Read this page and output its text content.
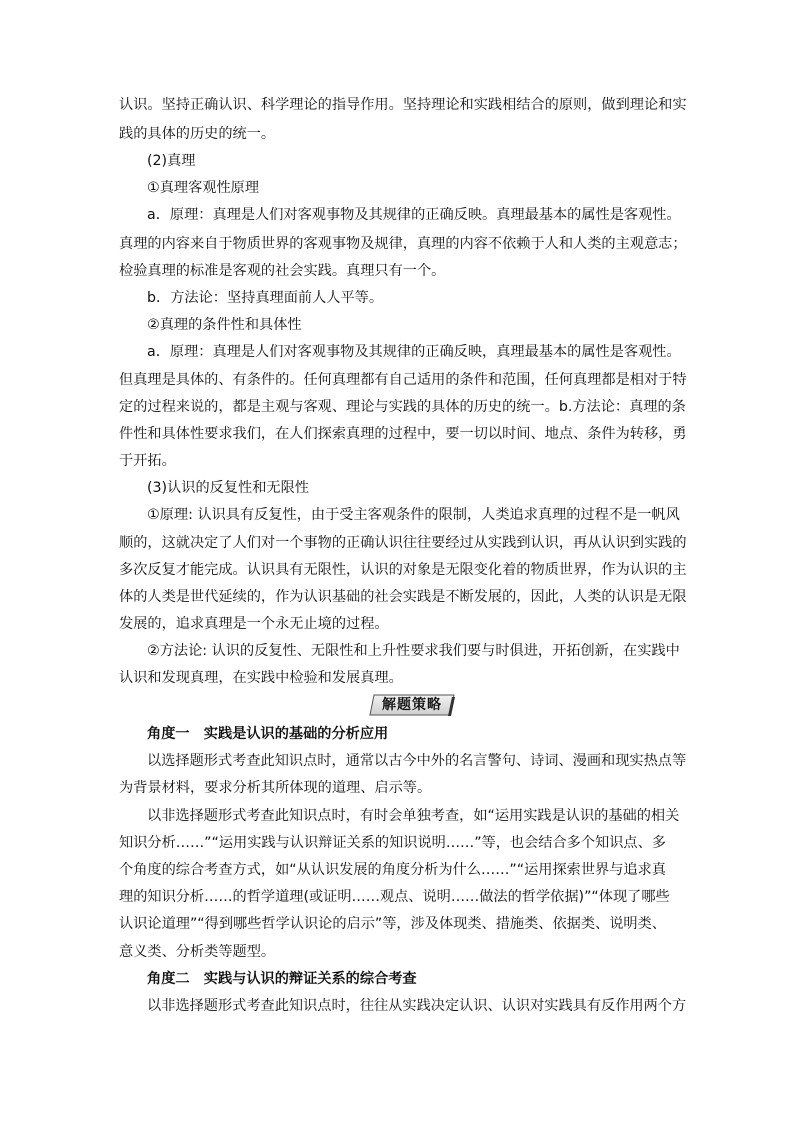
认识。坚持正确认识、科学理论的指导作用。坚持理论和实践相结合的原则，做到理论和实
践的具体的历史的统一。
(2)真理
①真理客观性原理
a．原理：真理是人们对客观事物及其规律的正确反映。真理最基本的属性是客观性。
真理的内容来自于物质世界的客观事物及规律，真理的内容不依赖于人和人类的主观意志；
检验真理的标准是客观的社会实践。真理只有一个。
b．方法论：坚持真理面前人人平等。
②真理的条件性和具体性
a．原理：真理是人们对客观事物及其规律的正确反映，真理最基本的属性是客观性。
但真理是具体的、有条件的。任何真理都有自己适用的条件和范围，任何真理都是相对于特
定的过程来说的，都是主观与客观、理论与实践的具体的历史的统一。b.方法论：真理的条
件性和具体性要求我们，在人们探索真理的过程中，要一切以时间、地点、条件为转移，勇
于开拓。
(3)认识的反复性和无限性
①原理: 认识具有反复性，由于受主客观条件的限制，人类追求真理的过程不是一帆风
顺的，这就决定了人们对一个事物的正确认识往往要经过从实践到认识，再从认识到实践的
多次反复才能完成。认识具有无限性，认识的对象是无限变化着的物质世界，作为认识的主
体的人类是世代延续的，作为认识基础的社会实践是不断发展的，因此，人类的认识是无限
发展的，追求真理是一个永无止境的过程。
②方法论: 认识的反复性、无限性和上升性要求我们要与时俱进，开拓创新，在实践中
认识和发现真理，在实践中检验和发展真理。
解题策略
角度一　实践是认识的基础的分析应用
以选择题形式考查此知识点时，通常以古今中外的名言警句、诗词、漫画和现实热点等
为背景材料，要求分析其所体现的道理、启示等。
以非选择题形式考查此知识点时，有时会单独考查，如“运用实践是认识的基础的相关
知识分析……”“运用实践与认识辩证关系的知识说明……”等，也会结合多个知识点、多
个角度的综合考查方式，如“从认识发展的角度分析为什么……”“运用探索世界与追求真
理的知识分析……的哲学道理(或证明……观点、说明……做法的哲学依据)”“体现了哪些
认识论道理”“得到哪些哲学认识论的启示”等，涉及体现类、措施类、依据类、说明类、
意义类、分析类等题型。
角度二　实践与认识的辩证关系的综合考查
以非选择题形式考查此知识点时，往往从实践决定认识、认识对实践具有反作用两个方
